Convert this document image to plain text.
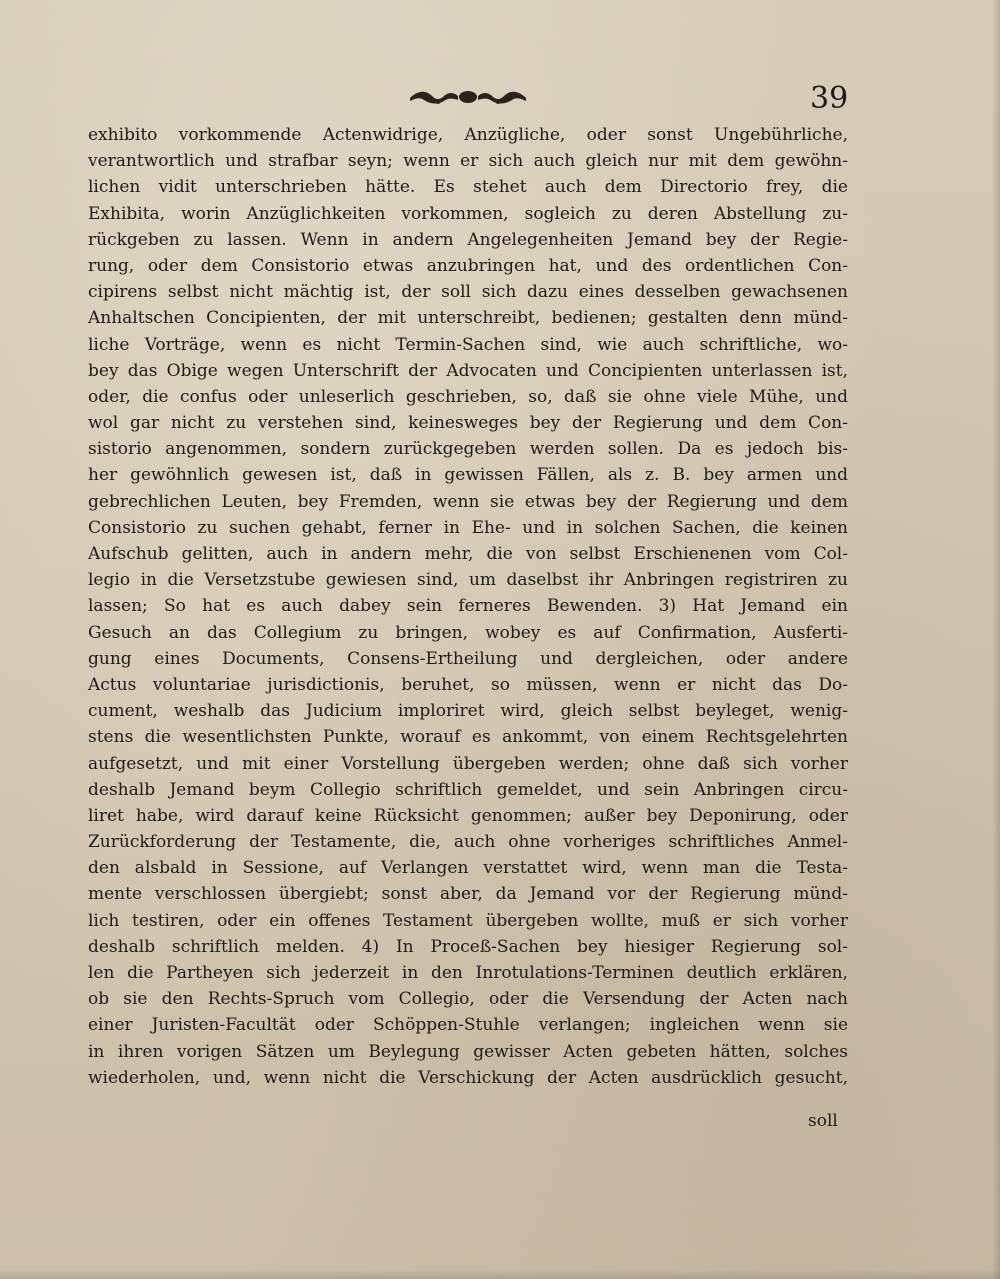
39
exhibito vorkommende Actenwidrige, Anzügliche, oder sonst Ungebührliche,
verantwortlich und strafbar seyn; wenn er sich auch gleich nur mit dem gewöhn-
lichen vidit unterschrieben hätte. Es stehet auch dem Directorio frey, die
Exhibita, worin Anzüglichkeiten vorkommen, sogleich zu deren Abstellung zu-
rückgeben zu lassen. Wenn in andern Angelegenheiten Jemand bey der Regie-
rung, oder dem Consistorio etwas anzubringen hat, und des ordentlichen Con-
cipirens selbst nicht mächtig ist, der soll sich dazu eines desselben gewachsenen
Anhaltschen Concipienten, der mit unterschreibt, bedienen; gestalten denn münd-
liche Vorträge, wenn es nicht Termin-Sachen sind, wie auch schriftliche, wo-
bey das Obige wegen Unterschrift der Advocaten und Concipienten unterlassen ist,
oder, die confus oder unleserlich geschrieben, so, daß sie ohne viele Mühe, und
wol gar nicht zu verstehen sind, keinesweges bey der Regierung und dem Con-
sistorio angenommen, sondern zurückgegeben werden sollen. Da es jedoch bis-
her gewöhnlich gewesen ist, daß in gewissen Fällen, als z. B. bey armen und
gebrechlichen Leuten, bey Fremden, wenn sie etwas bey der Regierung und dem
Consistorio zu suchen gehabt, ferner in Ehe- und in solchen Sachen, die keinen
Aufschub gelitten, auch in andern mehr, die von selbst Erschienenen vom Col-
legio in die Versetzstube gewiesen sind, um daselbst ihr Anbringen registriren zu
lassen; So hat es auch dabey sein ferneres Bewenden. 3) Hat Jemand ein
Gesuch an das Collegium zu bringen, wobey es auf Confirmation, Ausferti-
gung eines Documents, Consens-Ertheilung und dergleichen, oder andere
Actus voluntariae jurisdictionis, beruhet, so müssen, wenn er nicht das Do-
cument, weshalb das Judicium imploriret wird, gleich selbst beyleget, wenig-
stens die wesentlichsten Punkte, worauf es ankommt, von einem Rechtsgelehrten
aufgesetzt, und mit einer Vorstellung übergeben werden; ohne daß sich vorher
deshalb Jemand beym Collegio schriftlich gemeldet, und sein Anbringen circu-
liret habe, wird darauf keine Rücksicht genommen; außer bey Deponirung, oder
Zurückforderung der Testamente, die, auch ohne vorheriges schriftliches Anmel-
den alsbald in Sessione, auf Verlangen verstattet wird, wenn man die Testa-
mente verschlossen übergiebt; sonst aber, da Jemand vor der Regierung münd-
lich testiren, oder ein offenes Testament übergeben wollte, muß er sich vorher
deshalb schriftlich melden. 4) In Proceß-Sachen bey hiesiger Regierung sol-
len die Partheyen sich jederzeit in den Inrotulations-Terminen deutlich erklären,
ob sie den Rechts-Spruch vom Collegio, oder die Versendung der Acten nach
einer Juristen-Facultät oder Schöppen-Stuhle verlangen; ingleichen wenn sie
in ihren vorigen Sätzen um Beylegung gewisser Acten gebeten hätten, solches
wiederholen, und, wenn nicht die Verschickung der Acten ausdrücklich gesucht,
soll
